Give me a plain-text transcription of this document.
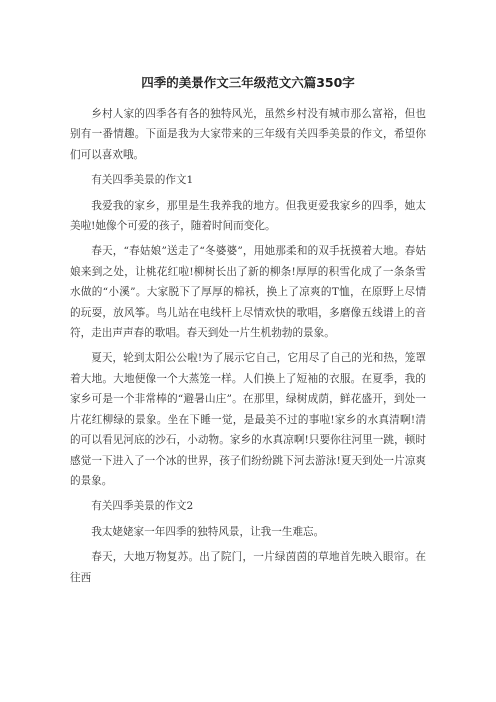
四季的美景作文三年级范文六篇350字
乡村人家的四季各有各的独特风光，虽然乡村没有城市那么富裕，但也别有一番情趣。下面是我为大家带来的三年级有关四季美景的作文，希望你们可以喜欢哦。
有关四季美景的作文1
我爱我的家乡，那里是生我养我的地方。但我更爱我家乡的四季，她太美啦!她像个可爱的孩子，随着时间而变化。
春天，“春姑娘”送走了“冬婆婆”，用她那柔和的双手抚摸着大地。春姑娘来到之处，让桃花红啦!柳树长出了新的柳条!厚厚的积雪化成了一条条雪水做的“小溪”。大家脱下了厚厚的棉袄，换上了凉爽的T恤，在原野上尽情的玩耍，放风筝。鸟儿站在电线杆上尽情欢快的歌唱，多磨像五线谱上的音符，走出声声春的歌唱。春天到处一片生机勃勃的景象。
夏天，轮到太阳公公啦!为了展示它自己，它用尽了自己的光和热，笼罩着大地。大地便像一个大蒸笼一样。人们换上了短袖的衣服。在夏季，我的家乡可是一个非常棒的“避暑山庄”。在那里，绿树成荫，鲜花盛开，到处一片花红柳绿的景象。坐在下睡一觉，是最美不过的事啦!家乡的水真清啊!清的可以看见河底的沙石，小动物。家乡的水真凉啊!只要你往河里一跳，顿时感觉一下进入了一个冰的世界，孩子们纷纷跳下河去游泳!夏天到处一片凉爽的景象。
有关四季美景的作文2
我太姥姥家一年四季的独特风景，让我一生难忘。
春天，大地万物复苏。出了院门，一片绿茵茵的草地首先映入眼帘。在往西
